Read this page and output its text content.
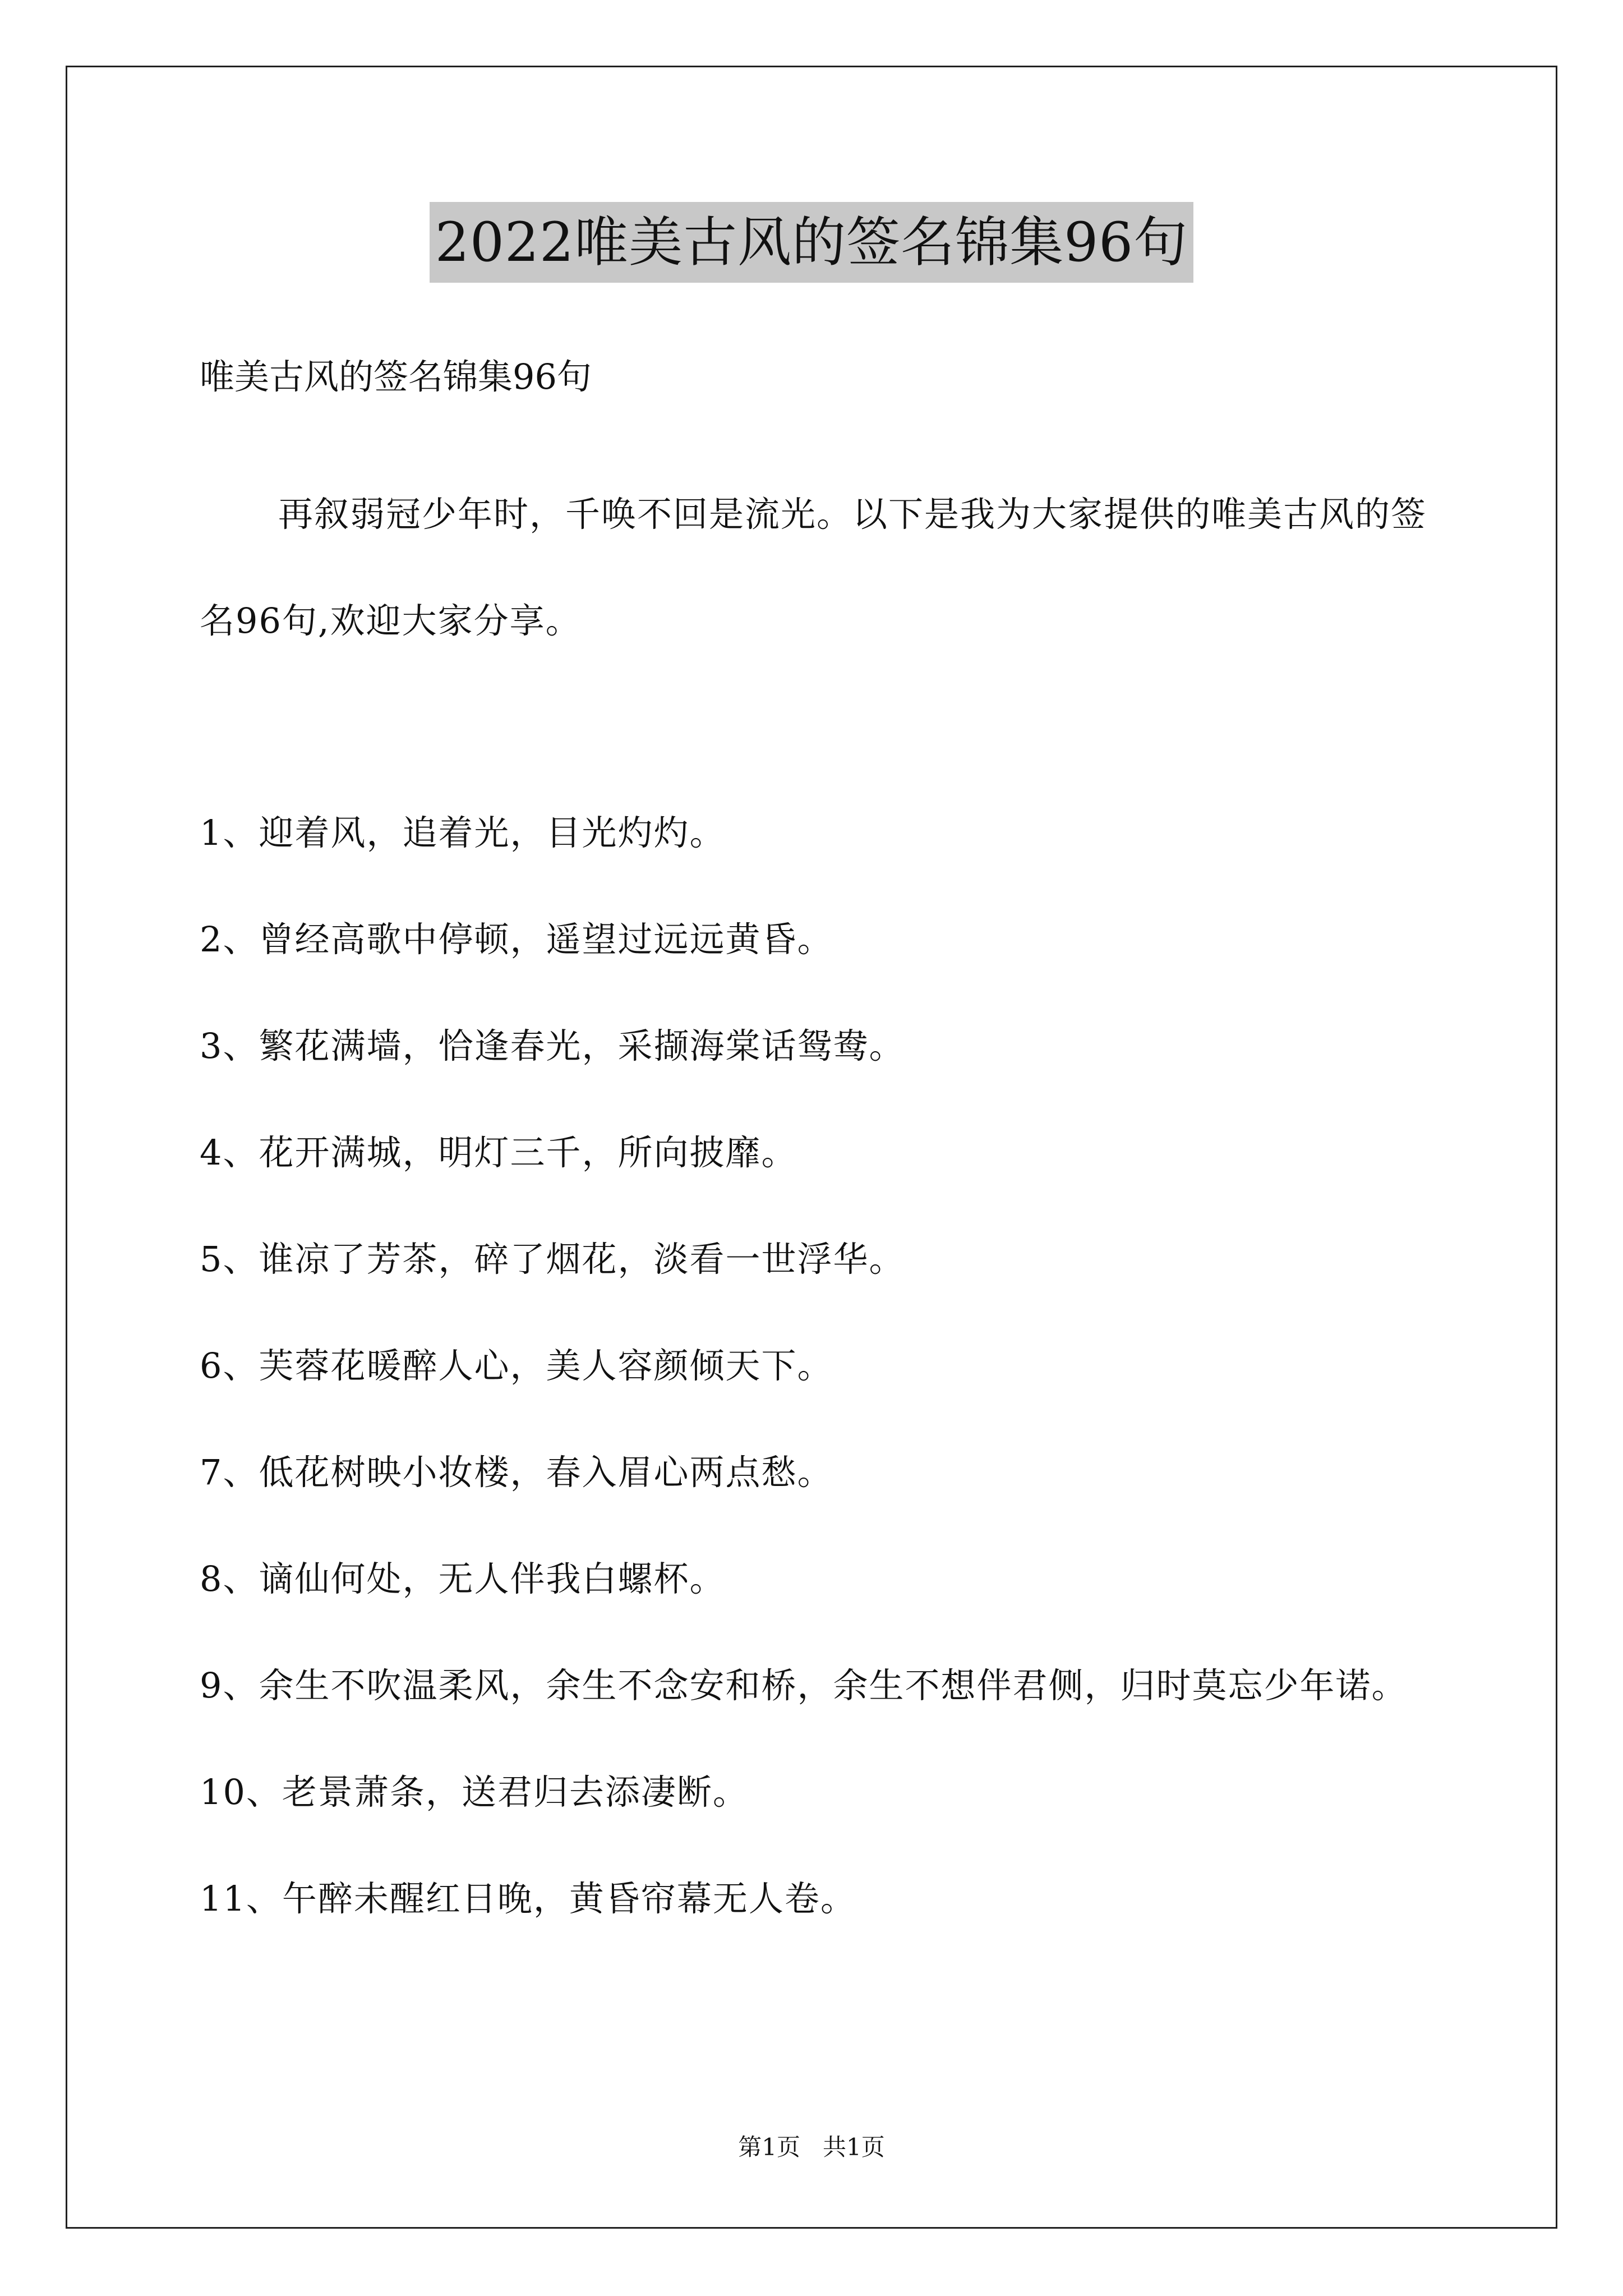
2022唯美古风的签名锦集96句
唯美古风的签名锦集96句

再叙弱冠少年时，千唤不回是流光。以下是我为大家提供的唯美古风的签名96句,欢迎大家分享。

1、迎着风，追着光，目光灼灼。
2、曾经高歌中停顿，遥望过远远黄昏。
3、繁花满墙，恰逢春光，采撷海棠话鸳鸯。
4、花开满城，明灯三千，所向披靡。
5、谁凉了芳茶，碎了烟花，淡看一世浮华。
6、芙蓉花暖醉人心，美人容颜倾天下。
7、低花树映小妆楼，春入眉心两点愁。
8、谪仙何处，无人伴我白螺杯。
9、余生不吹温柔风，余生不念安和桥，余生不想伴君侧，归时莫忘少年诺。
10、老景萧条，送君归去添凄断。
11、午醉未醒红日晚，黄昏帘幕无人卷。
第1页 共1页
